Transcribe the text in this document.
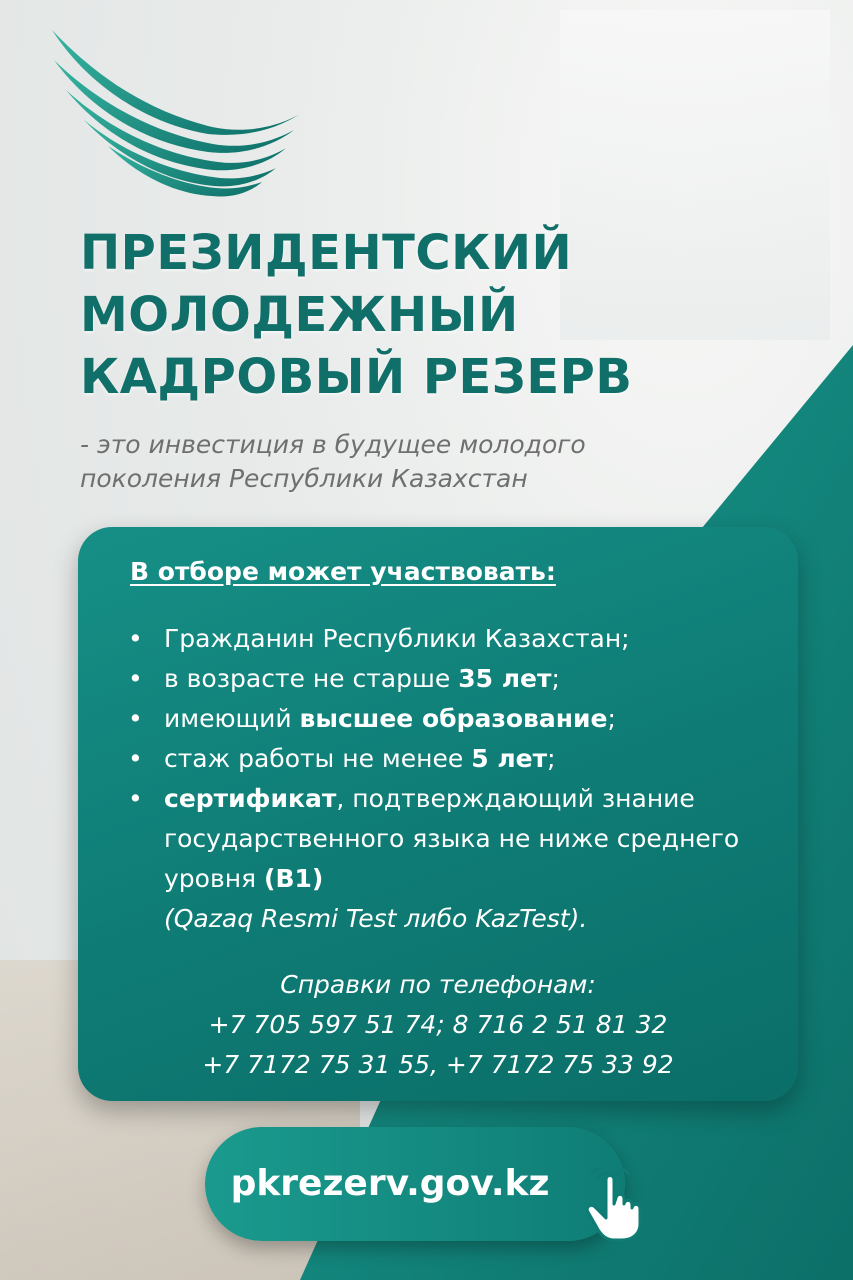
ПРЕЗИДЕНТСКИЙ
МОЛОДЕЖНЫЙ
КАДРОВЫЙ РЕЗЕРВ
- это инвестиция в будущее молодого
поколения Республики Казахстан
В отборе может участвовать:
• Гражданин Республики Казахстан;
• в возрасте не старше 35 лет;
• имеющий высшее образование;
• стаж работы не менее 5 лет;
• сертификат, подтверждающий знание государственного языка не ниже среднего уровня (B1)
(Qazaq Resmi Test либо KazTest).
Справки по телефонам:
+7 705 597 51 74; 8 716 2 51 81 32
+7 7172 75 31 55, +7 7172 75 33 92
pkrezerv.gov.kz
